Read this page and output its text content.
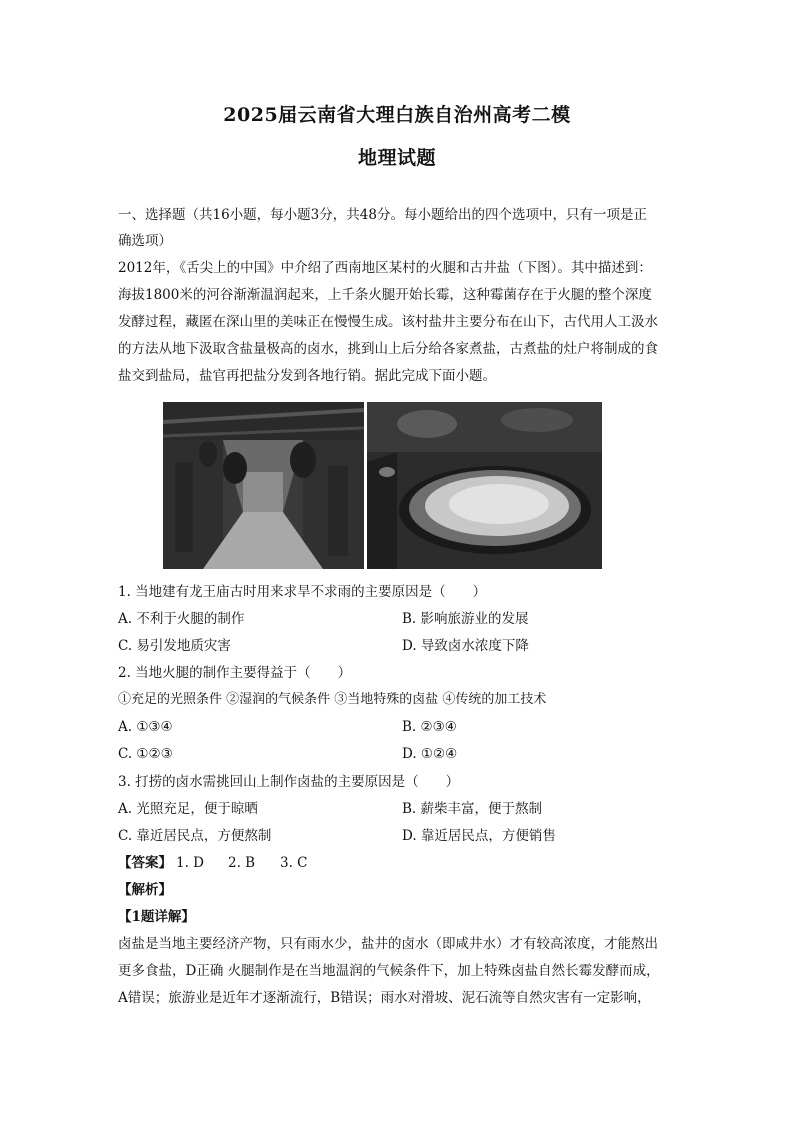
2025届云南省大理白族自治州高考二模
地理试题
一、选择题（共16小题，每小题3分，共48分。每小题给出的四个选项中，只有一项是正
确选项）
2012年，《舌尖上的中国》中介绍了西南地区某村的火腿和古井盐（下图）。其中描述到：
海拔1800米的河谷渐渐温润起来，上千条火腿开始长霉，这种霉菌存在于火腿的整个深度
发酵过程，藏匿在深山里的美味正在慢慢生成。该村盐井主要分布在山下，古代用人工汲水
的方法从地下汲取含盐量极高的卤水，挑到山上后分给各家煮盐，古煮盐的灶户将制成的食
盐交到盐局，盐官再把盐分发到各地行销。据此完成下面小题。
1. 当地建有龙王庙古时用来求旱不求雨的主要原因是（　　）
A. 不利于火腿的制作	B. 影响旅游业的发展
C. 易引发地质灾害	D. 导致卤水浓度下降
2. 当地火腿的制作主要得益于（　　）
①充足的光照条件 ②湿润的气候条件 ③当地特殊的卤盐 ④传统的加工技术
A. ①③④	B. ②③④
C. ①②③	D. ①②④
3. 打捞的卤水需挑回山上制作卤盐的主要原因是（　　）
A. 光照充足，便于晾晒	B. 薪柴丰富，便于熬制
C. 靠近居民点，方便熬制	D. 靠近居民点，方便销售
【答案】 1. D 2. B 3. C
【解析】
【1题详解】
卤盐是当地主要经济产物，只有雨水少，盐井的卤水（即咸井水）才有较高浓度，才能熬出
更多食盐，D正确 火腿制作是在当地温润的气候条件下，加上特殊卤盐自然长霉发酵而成，
A错误；旅游业是近年才逐渐流行，B错误；雨水对滑坡、泥石流等自然灾害有一定影响，
